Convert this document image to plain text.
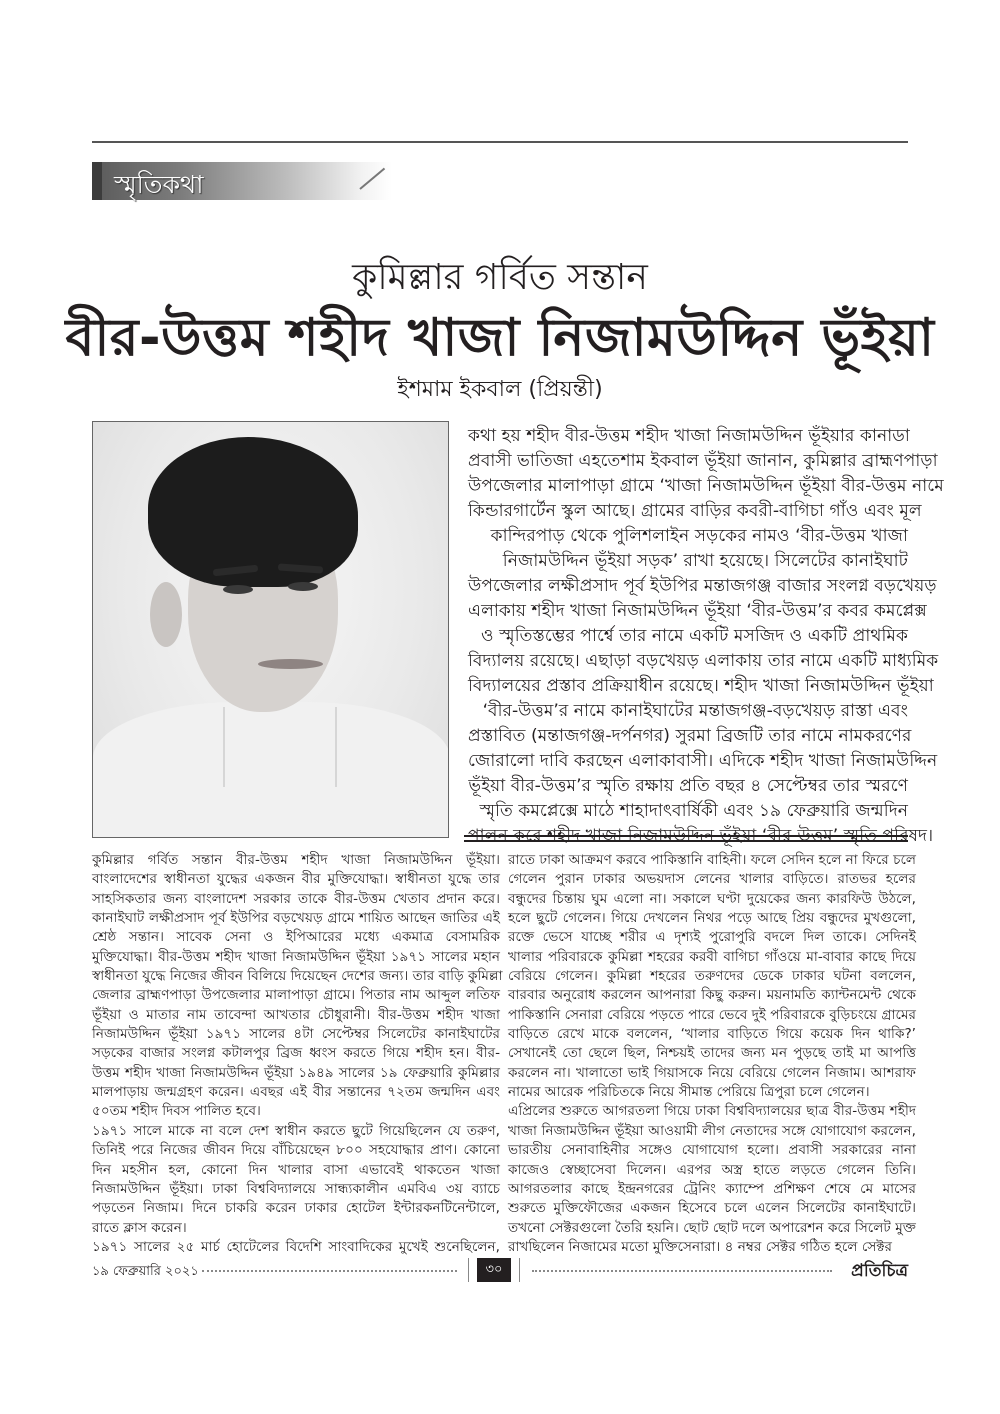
স্মৃতিকথা
কুমিল্লার গর্বিত সন্তান
বীর-উত্তম শহীদ খাজা নিজামউদ্দিন ভূঁইয়া
ইশমাম ইকবাল (প্রিয়ন্তী)
কথা হয় শহীদ বীর-উত্তম শহীদ খাজা নিজামউদ্দিন ভূঁইয়ার কানাডা
প্রবাসী ভাতিজা এহতেশাম ইকবাল ভূঁইয়া জানান, কুমিল্লার ব্রাহ্মণপাড়া
উপজেলার মালাপাড়া গ্রামে ‘খাজা নিজামউদ্দিন ভূঁইয়া বীর-উত্তম নামে
কিন্ডারগার্টেন স্কুল আছে। গ্রামের বাড়ির কবরী-বাগিচা গাঁও এবং মূল
কান্দিরপাড় থেকে পুলিশলাইন সড়কের নামও ‘বীর-উত্তম খাজা
নিজামউদ্দিন ভূঁইয়া সড়ক’ রাখা হয়েছে। সিলেটের কানাইঘাট
উপজেলার লক্ষীপ্রসাদ পূর্ব ইউপির মন্তাজগঞ্জ বাজার সংলগ্ন বড়খেয়ড়
এলাকায় শহীদ খাজা নিজামউদ্দিন ভূঁইয়া ‘বীর-উত্তম’র কবর কমপ্লেক্স
ও স্মৃতিস্তম্ভের পার্শ্বে তার নামে একটি মসজিদ ও একটি প্রাথমিক
বিদ্যালয় রয়েছে। এছাড়া বড়খেয়ড় এলাকায় তার নামে একটি মাধ্যমিক
বিদ্যালয়ের প্রস্তাব প্রক্রিয়াধীন রয়েছে। শহীদ খাজা নিজামউদ্দিন ভূঁইয়া
‘বীর-উত্তম’র নামে কানাইঘাটের মন্তাজগঞ্জ-বড়খেয়ড় রাস্তা এবং
প্রস্তাবিত (মন্তাজগঞ্জ-দর্পনগর) সুরমা ব্রিজটি তার নামে নামকরণের
জোরালো দাবি করছেন এলাকাবাসী। এদিকে শহীদ খাজা নিজামউদ্দিন
ভূঁইয়া বীর-উত্তম’র স্মৃতি রক্ষায় প্রতি বছর ৪ সেপ্টেম্বর তার স্মরণে
স্মৃতি কমপ্লেক্সে মাঠে শাহাদাৎবার্ষিকী এবং ১৯ ফেব্রুয়ারি জন্মদিন
পালন করে শহীদ খাজা নিজামউদ্দিন ভূঁইয়া ‘বীর-উত্তম’ স্মৃতি পরিষদ।
কুমিল্লার গর্বিত সন্তান বীর-উত্তম শহীদ খাজা নিজামউদ্দিন ভূঁইয়া।
বাংলাদেশের স্বাধীনতা যুদ্ধের একজন বীর মুক্তিযোদ্ধা। স্বাধীনতা যুদ্ধে তার
সাহসিকতার জন্য বাংলাদেশ সরকার তাকে বীর-উত্তম খেতাব প্রদান করে।
কানাইঘাট লক্ষীপ্রসাদ পূর্ব ইউপির বড়খেয়ড় গ্রামে শায়িত আছেন জাতির এই
শ্রেষ্ঠ সন্তান। সাবেক সেনা ও ইপিআরের মধ্যে একমাত্র বেসামরিক
মুক্তিযোদ্ধা। বীর-উত্তম শহীদ খাজা নিজামউদ্দিন ভূঁইয়া ১৯৭১ সালের মহান
স্বাধীনতা যুদ্ধে নিজের জীবন বিলিয়ে দিয়েছেন দেশের জন্য। তার বাড়ি কুমিল্লা
জেলার ব্রাহ্মণপাড়া উপজেলার মালাপাড়া গ্রামে। পিতার নাম আব্দুল লতিফ
ভূঁইয়া ও মাতার নাম তাবেন্দা আখতার চৌধুরানী। বীর-উত্তম শহীদ খাজা
নিজামউদ্দিন ভূঁইয়া ১৯৭১ সালের ৪টা সেপ্টেম্বর সিলেটের কানাইঘাটের
সড়কের বাজার সংলগ্ন কটালপুর ব্রিজ ধ্বংস করতে গিয়ে শহীদ হন। বীর-
উত্তম শহীদ খাজা নিজামউদ্দিন ভূঁইয়া ১৯৪৯ সালের ১৯ ফেব্রুয়ারি কুমিল্লার
মালপাড়ায় জন্মগ্রহণ করেন। এবছর এই বীর সন্তানের ৭২তম জন্মদিন এবং
৫০তম শহীদ দিবস পালিত হবে।
১৯৭১ সালে মাকে না বলে দেশ স্বাধীন করতে ছুটে গিয়েছিলেন যে তরুণ,
তিনিই পরে নিজের জীবন দিয়ে বাঁচিয়েছেন ৮০০ সহযোদ্ধার প্রাণ। কোনো
দিন মহসীন হল, কোনো দিন খালার বাসা এভাবেই থাকতেন খাজা
নিজামউদ্দিন ভূঁইয়া। ঢাকা বিশ্ববিদ্যালয়ে সান্ধ্যকালীন এমবিএ ৩য় ব্যাচে
পড়তেন নিজাম। দিনে চাকরি করেন ঢাকার হোটেল ইন্টারকনটিনেন্টালে,
রাতে ক্লাস করেন।
১৯৭১ সালের ২৫ মার্চ হোটেলের বিদেশি সাংবাদিকের মুখেই শুনেছিলেন,
রাতে ঢাকা আক্রমণ করবে পাকিস্তানি বাহিনী। ফলে সেদিন হলে না ফিরে চলে
গেলেন পুরান ঢাকার অভয়দাস লেনের খালার বাড়িতে। রাতভর হলের
বন্ধুদের চিন্তায় ঘুম এলো না। সকালে ঘণ্টা দুয়েকের জন্য কারফিউ উঠলে,
হলে ছুটে গেলেন। গিয়ে দেখলেন নিথর পড়ে আছে প্রিয় বন্ধুদের মুখগুলো,
রক্তে ভেসে যাচ্ছে শরীর এ দৃশ্যই পুরোপুরি বদলে দিল তাকে। সেদিনই
খালার পরিবারকে কুমিল্লা শহরের করবী বাগিচা গাঁওয়ে মা-বাবার কাছে দিয়ে
বেরিয়ে গেলেন। কুমিল্লা শহরের তরুণদের ডেকে ঢাকার ঘটনা বললেন,
বারবার অনুরোধ করলেন আপনারা কিছু করুন। ময়নামতি ক্যান্টনমেন্ট থেকে
পাকিস্তানি সেনারা বেরিয়ে পড়তে পারে ভেবে দুই পরিবারকে বুড়িচংয়ে গ্রামের
বাড়িতে রেখে মাকে বললেন, ‘খালার বাড়িতে গিয়ে কয়েক দিন থাকি?’
সেখানেই তো ছেলে ছিল, নিশ্চয়ই তাদের জন্য মন পুড়ছে তাই মা আপত্তি
করলেন না। খালাতো ভাই গিয়াসকে নিয়ে বেরিয়ে গেলেন নিজাম। আশরাফ
নামের আরেক পরিচিতকে নিয়ে সীমান্ত পেরিয়ে ত্রিপুরা চলে গেলেন।
এপ্রিলের শুরুতে আগরতলা গিয়ে ঢাকা বিশ্ববিদ্যালয়ের ছাত্র বীর-উত্তম শহীদ
খাজা নিজামউদ্দিন ভূঁইয়া আওয়ামী লীগ নেতাদের সঙ্গে যোগাযোগ করলেন,
ভারতীয় সেনাবাহিনীর সঙ্গেও যোগাযোগ হলো। প্রবাসী সরকারের নানা
কাজেও স্বেচ্ছাসেবা দিলেন। এরপর অস্ত্র হাতে লড়তে গেলেন তিনি।
আগরতলার কাছে ইন্দ্রনগরের ট্রেনিং ক্যাম্পে প্রশিক্ষণ শেষে মে মাসের
শুরুতে মুক্তিফৌজের একজন হিসেবে চলে এলেন সিলেটের কানাইঘাটে।
তখনো সেক্টরগুলো তৈরি হয়নি। ছোট ছোট দলে অপারেশন করে সিলেট মুক্ত
রাখছিলেন নিজামের মতো মুক্তিসেনারা। ৪ নম্বর সেক্টর গঠিত হলে সেক্টর
১৯ ফেব্রুয়ারি ২০২১	৩০	প্রতিচিত্র
